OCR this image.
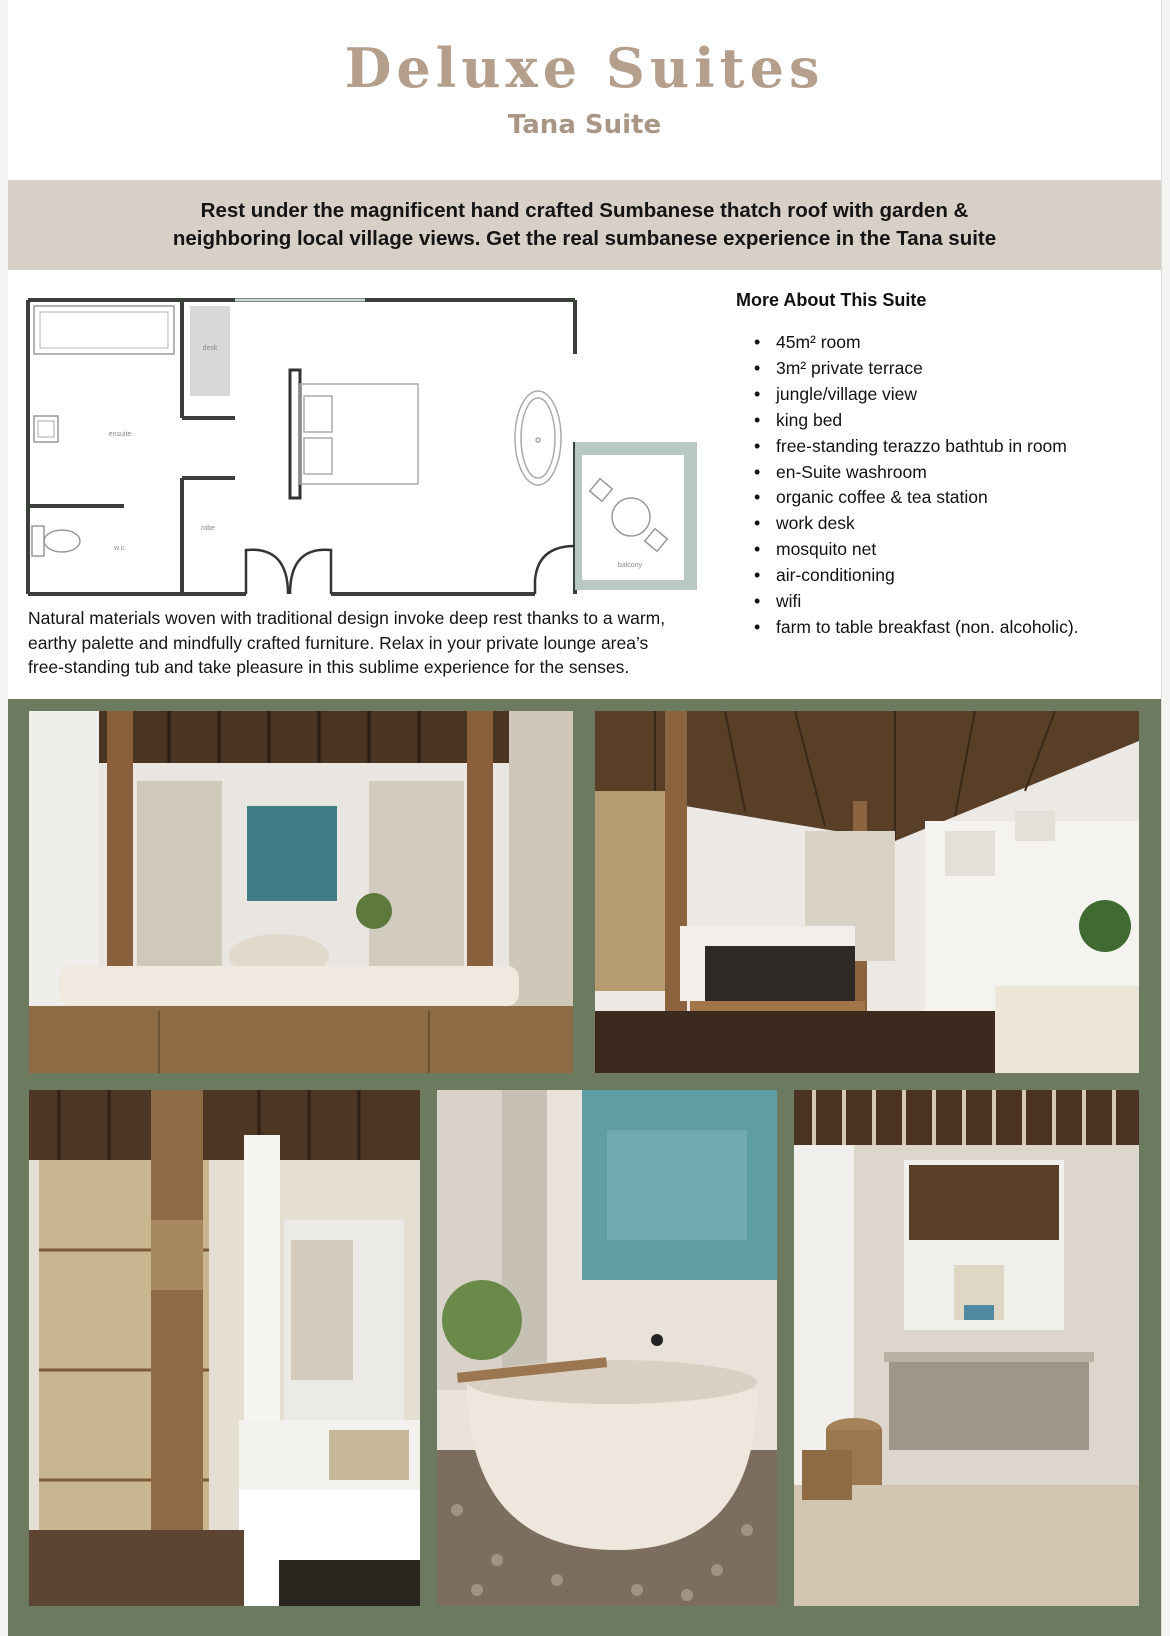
Deluxe Suites
Tana Suite

Rest under the magnificent hand crafted Sumbanese thatch roof with garden &
neighboring local village views. Get the real sumbanese experience in the Tana suite

desk
ensuite
w.c.
robe
balcony
More About This Suite
• 45m² room
• 3m² private terrace
• jungle/village view
• king bed
• free-standing terazzo bathtub in room
• en-Suite washroom
• organic coffee & tea station
• work desk
• mosquito net
• air-conditioning
• wifi
• farm to table breakfast (non. alcoholic).

Natural materials woven with traditional design invoke deep rest thanks to a warm,
earthy palette and mindfully crafted furniture. Relax in your private lounge area’s
free-standing tub and take pleasure in this sublime experience for the senses.
